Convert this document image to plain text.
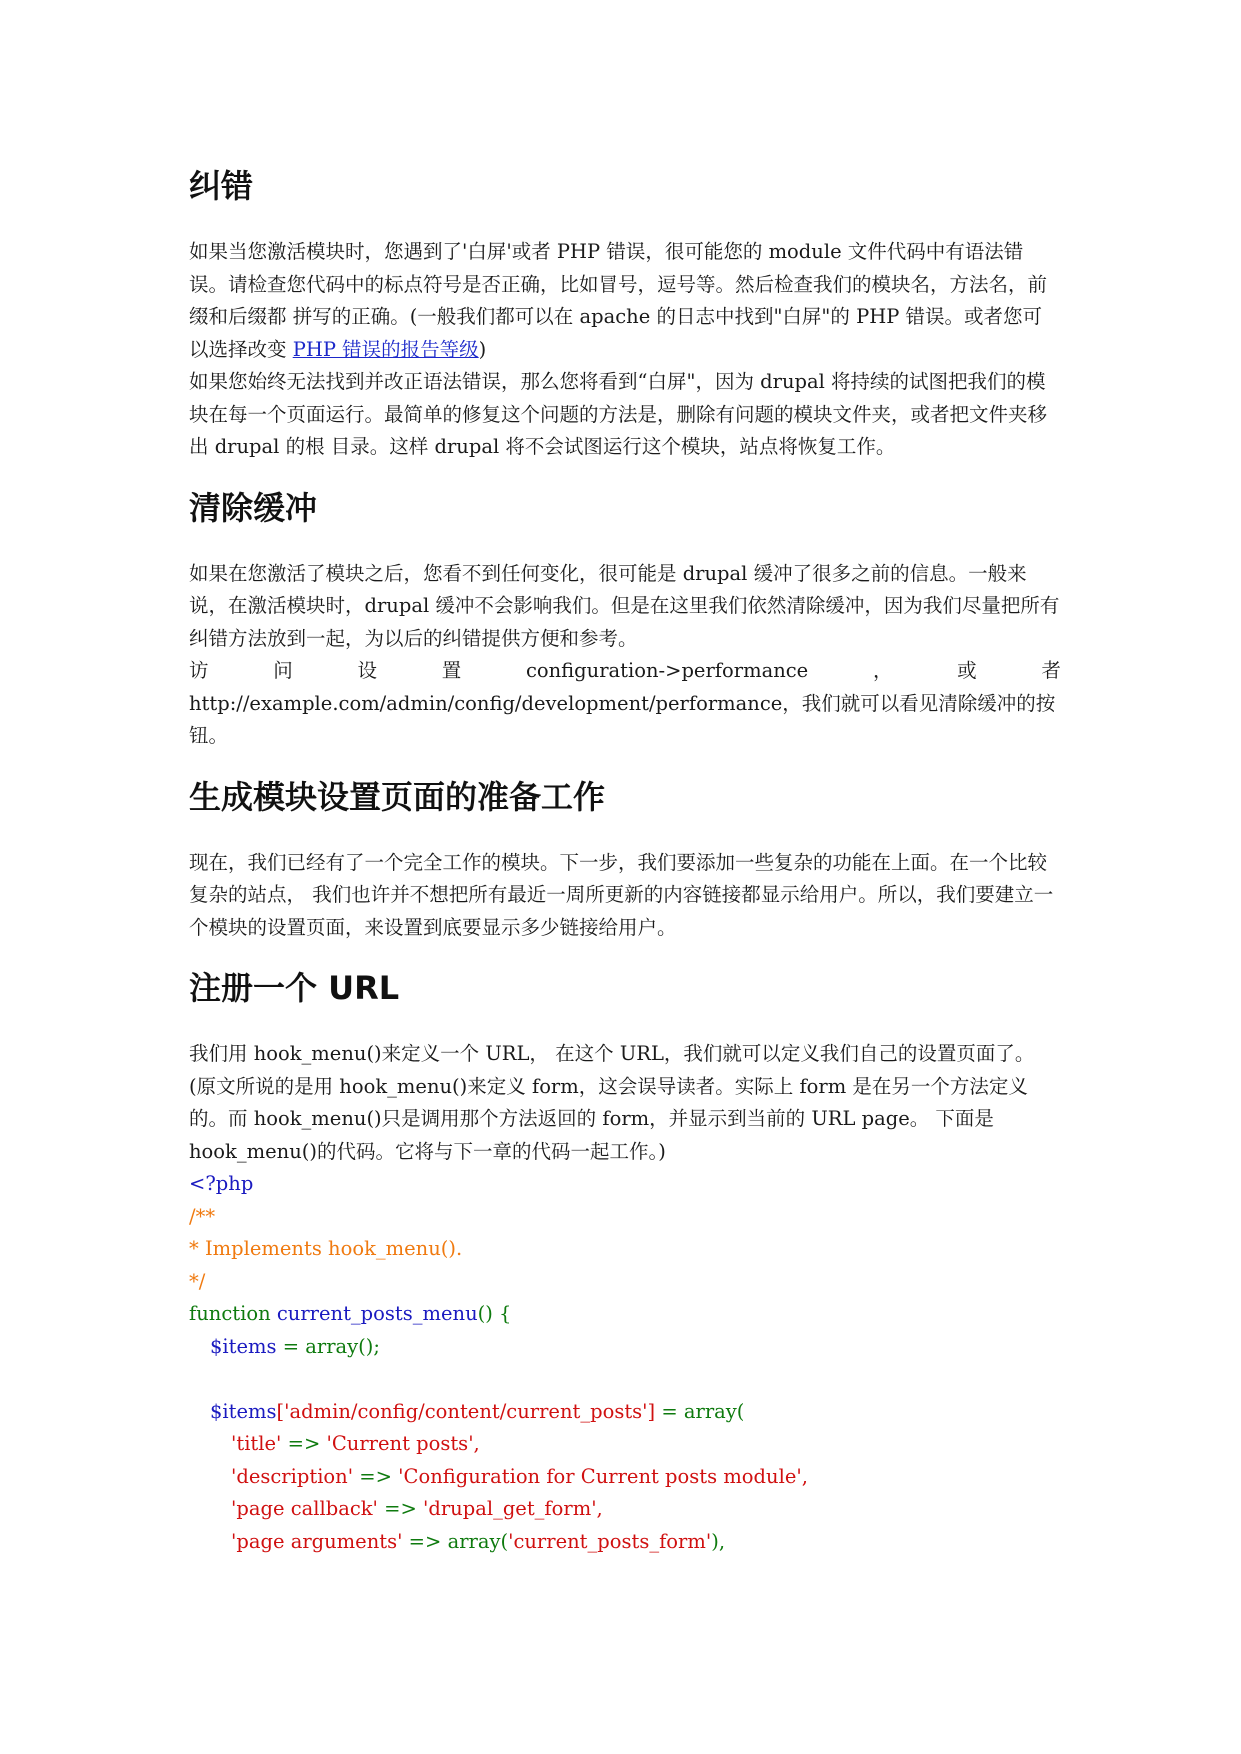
纠错

如果当您激活模块时，您遇到了'白屏'或者 PHP 错误，很可能您的 module 文件代码中有语法错误。请检查您代码中的标点符号是否正确，比如冒号，逗号等。然后检查我们的模块名，方法名，前缀和后缀都 拼写的正确。(一般我们都可以在 apache 的日志中找到"白屏"的 PHP 错误。或者您可以选择改变 PHP 错误的报告等级)

如果您始终无法找到并改正语法错误，那么您将看到“白屏"，因为 drupal 将持续的试图把我们的模块在每一个页面运行。最简单的修复这个问题的方法是，删除有问题的模块文件夹，或者把文件夹移出 drupal 的根 目录。这样 drupal 将不会试图运行这个模块，站点将恢复工作。

清除缓冲

如果在您激活了模块之后，您看不到任何变化，很可能是 drupal 缓冲了很多之前的信息。一般来说，在激活模块时，drupal 缓冲不会影响我们。但是在这里我们依然清除缓冲，因为我们尽量把所有纠错方法放到一起，为以后的纠错提供方便和参考。

访	问	设	置	configuration->performance	，	或	者

http://example.com/admin/config/development/performance，我们就可以看见清除缓冲的按钮。

生成模块设置页面的准备工作

现在，我们已经有了一个完全工作的模块。下一步，我们要添加一些复杂的功能在上面。在一个比较复杂的站点， 我们也许并不想把所有最近一周所更新的内容链接都显示给用户。所以，我们要建立一个模块的设置页面，来设置到底要显示多少链接给用户。

注册一个 URL

我们用 hook_menu()来定义一个 URL， 在这个 URL，我们就可以定义我们自己的设置页面了。(原文所说的是用 hook_menu()来定义 form，这会误导读者。实际上 form 是在另一个方法定义的。而 hook_menu()只是调用那个方法返回的 form，并显示到当前的 URL page。 下面是 hook_menu()的代码。它将与下一章的代码一起工作。)

<?php
/**
* Implements hook_menu().
*/
function current_posts_menu() {
$items = array();

$items['admin/config/content/current_posts'] = array(
'title' => 'Current posts',
'description' => 'Configuration for Current posts module',
'page callback' => 'drupal_get_form',
'page arguments' => array('current_posts_form'),
